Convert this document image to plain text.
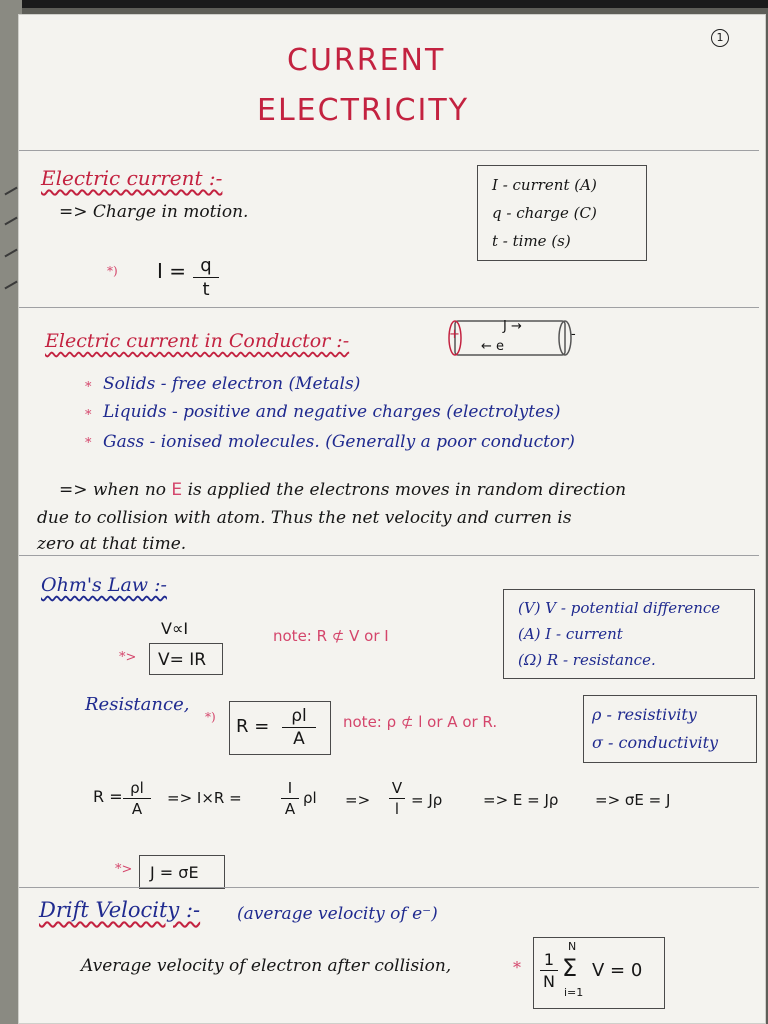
1
CURRENT
ELECTRICITY
Electric current :-
=> Charge in motion.
*) I = q
t
I - current (A)
q - charge (C)
t - time (s)
Electric current in Conductor :-	+	-
J →
← e
* Solids - free electron (Metals)
* Liquids - positive and negative charges (electrolytes)
* Gass - ionised molecules. (Generally a poor conductor)
=> when no E is applied the electrons moves in random direction
due to collision with atom. Thus the net velocity and curren is
zero at that time.
Ohm's Law :-
V∝I
*> V= IR
note: R ⊄ V or I
(V) V - potential difference
(A) I - current
(Ω) R - resistance.
Resistance,
*) R =	ρl
A
note: ρ ⊄ l or A or R.	ρ - resistivity
σ - conductivity
R = ρl
A
=> I×R =
I
A
ρl =>
V
l = Jρ	=> E = Jρ => σE = J
*> J = σE
Drift Velocity :- (average velocity of e⁻)
Average velocity of electron after collision,	* 1
N
N
Σ
i=1
V = 0
